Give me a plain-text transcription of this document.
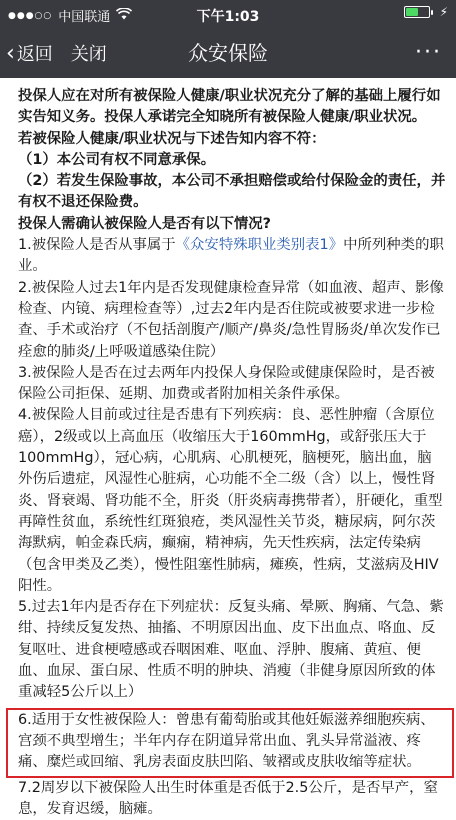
●●●○○ 中国联通	下午1:03	⚡
众安保险
‹ 返回 关闭	···

投保人应在对所有被保险人健康/职业状况充分了解的基础上履行如实告知义务。投保人承诺完全知晓所有被保险人健康/职业状况。

若被保险人健康/职业状况与下述告知内容不符：

（1）本公司有权不同意承保。

（2）若发生保险事故，本公司不承担赔偿或给付保险金的责任，并有权不退还保险费。

投保人需确认被保险人是否有以下情况?

1.被保险人是否从事属于《众安特殊职业类别表1》中所列种类的职业。

2.被保险人过去1年内是否发现健康检查异常（如血液、超声、影像检查、内镜、病理检查等）,过去2年内是否住院或被要求进一步检查、手术或治疗（不包括剖腹产/顺产/鼻炎/急性胃肠炎/单次发作已痊愈的肺炎/上呼吸道感染住院）

3.被保险人是否在过去两年内投保人身保险或健康保险时，是否被保险公司拒保、延期、加费或者附加相关条件承保。

4.被保险人目前或过往是否患有下列疾病：良、恶性肿瘤（含原位癌），2级或以上高血压（收缩压大于160mmHg，或舒张压大于100mmHg），冠心病，心肌病、心肌梗死，脑梗死，脑出血，脑外伤后遗症，风湿性心脏病，心功能不全二级（含）以上，慢性肾炎、肾衰竭、肾功能不全，肝炎（肝炎病毒携带者），肝硬化，重型再障性贫血，系统性红斑狼疮，类风湿性关节炎，糖尿病，阿尔茨海默病，帕金森氏病，癫痫，精神病，先天性疾病，法定传染病（包含甲类及乙类），慢性阻塞性肺病，瘫痪，性病，艾滋病及HIV阳性。

5.过去1年内是否存在下列症状：反复头痛、晕厥、胸痛、气急、紫绀、持续反复发热、抽搐、不明原因出血、皮下出血点、咯血、反复呕吐、进食梗噎感或吞咽困难、呕血、浮肿、腹痛、黄疸、便血、血尿、蛋白尿、性质不明的肿块、消瘦（非健身原因所致的体重减轻5公斤以上）

6.适用于女性被保险人：曾患有葡萄胎或其他妊娠滋养细胞疾病、宫颈不典型增生；半年内存在阴道异常出血、乳头异常溢液、疼痛、糜烂或回缩、乳房表面皮肤凹陷、皱褶或皮肤收缩等症状。

7.2周岁以下被保险人出生时体重是否低于2.5公斤，是否早产，窒息，发育迟缓，脑瘫。
